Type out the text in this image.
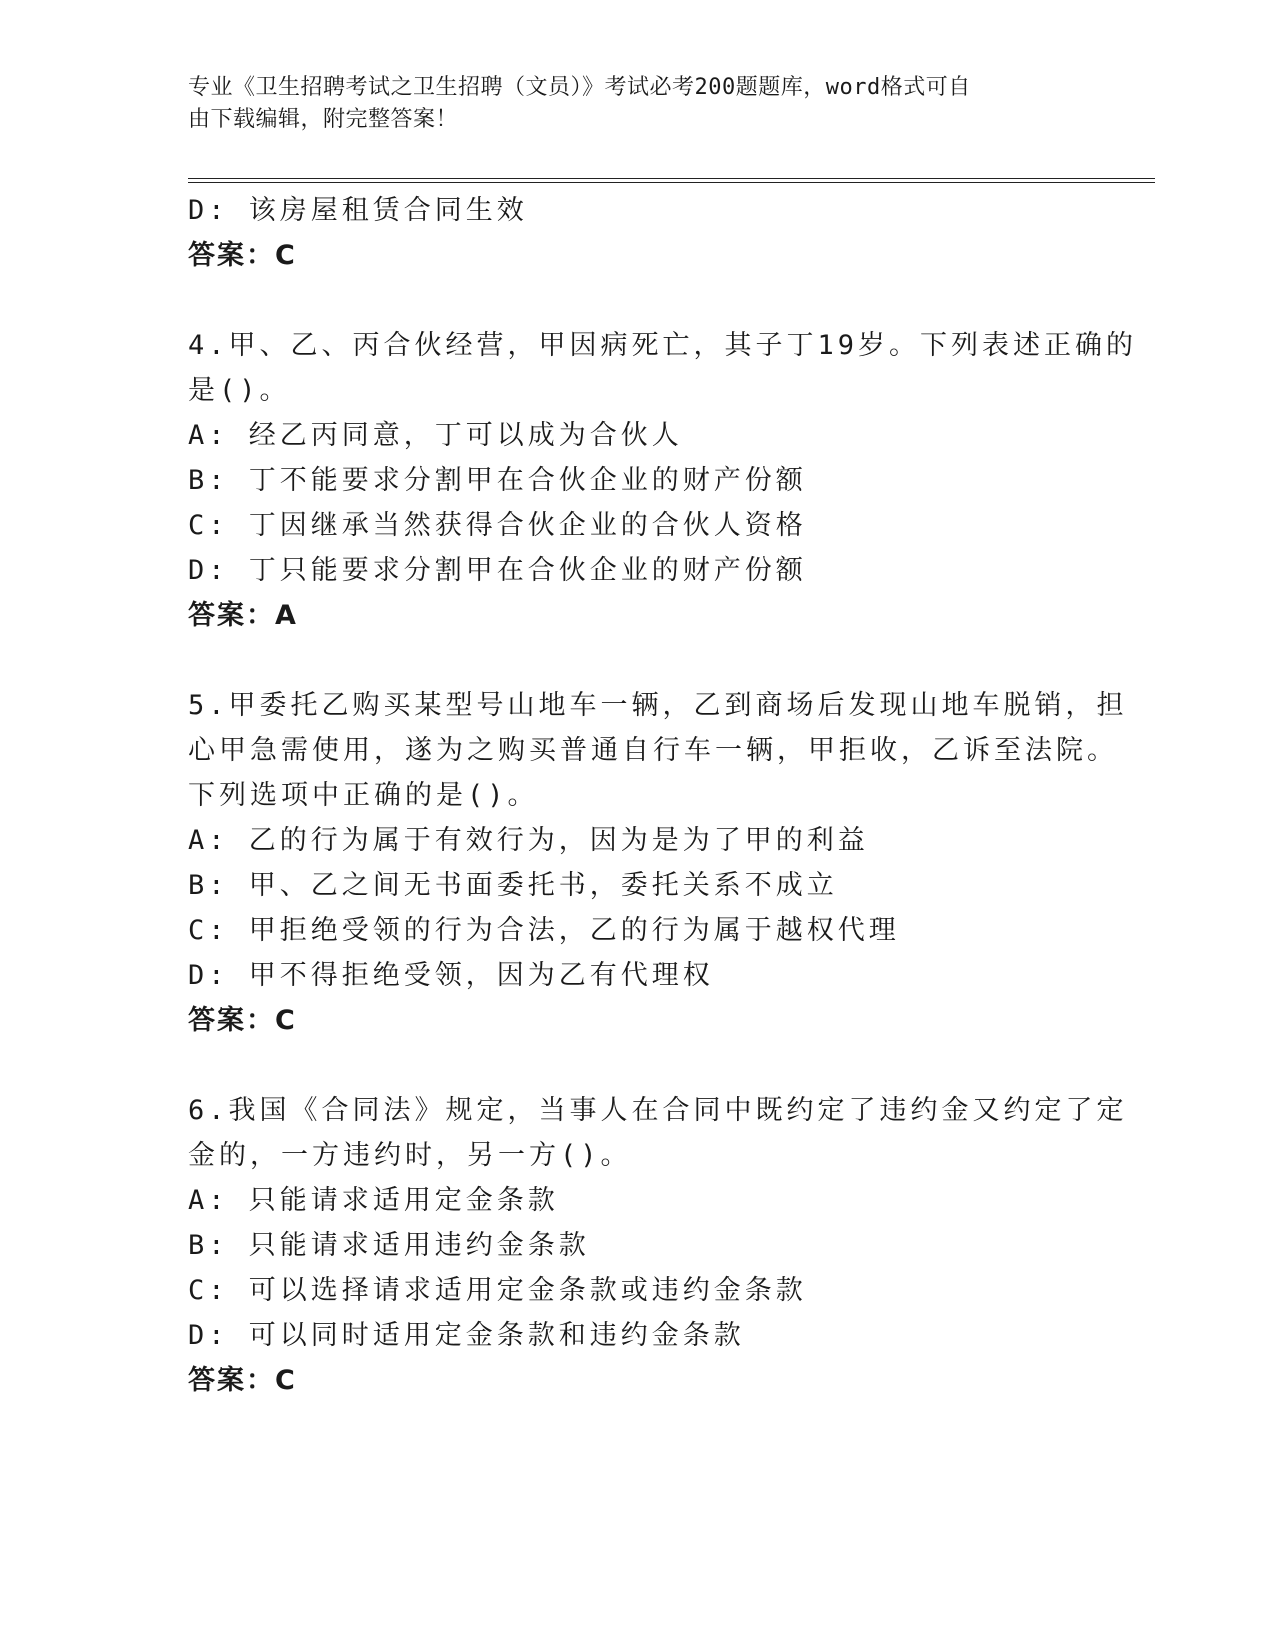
专业《卫生招聘考试之卫生招聘（文员）》考试必考200题题库，word格式可自
由下载编辑，附完整答案！
D: 该房屋租赁合同生效
答案：C
4.甲、乙、丙合伙经营，甲因病死亡，其子丁19岁。下列表述正确的
是()。
A: 经乙丙同意，丁可以成为合伙人
B: 丁不能要求分割甲在合伙企业的财产份额
C: 丁因继承当然获得合伙企业的合伙人资格
D: 丁只能要求分割甲在合伙企业的财产份额
答案：A
5.甲委托乙购买某型号山地车一辆，乙到商场后发现山地车脱销，担
心甲急需使用，遂为之购买普通自行车一辆，甲拒收，乙诉至法院。
下列选项中正确的是()。
A: 乙的行为属于有效行为，因为是为了甲的利益
B: 甲、乙之间无书面委托书，委托关系不成立
C: 甲拒绝受领的行为合法，乙的行为属于越权代理
D: 甲不得拒绝受领，因为乙有代理权
答案：C
6.我国《合同法》规定，当事人在合同中既约定了违约金又约定了定
金的，一方违约时，另一方()。
A: 只能请求适用定金条款
B: 只能请求适用违约金条款
C: 可以选择请求适用定金条款或违约金条款
D: 可以同时适用定金条款和违约金条款
答案：C
